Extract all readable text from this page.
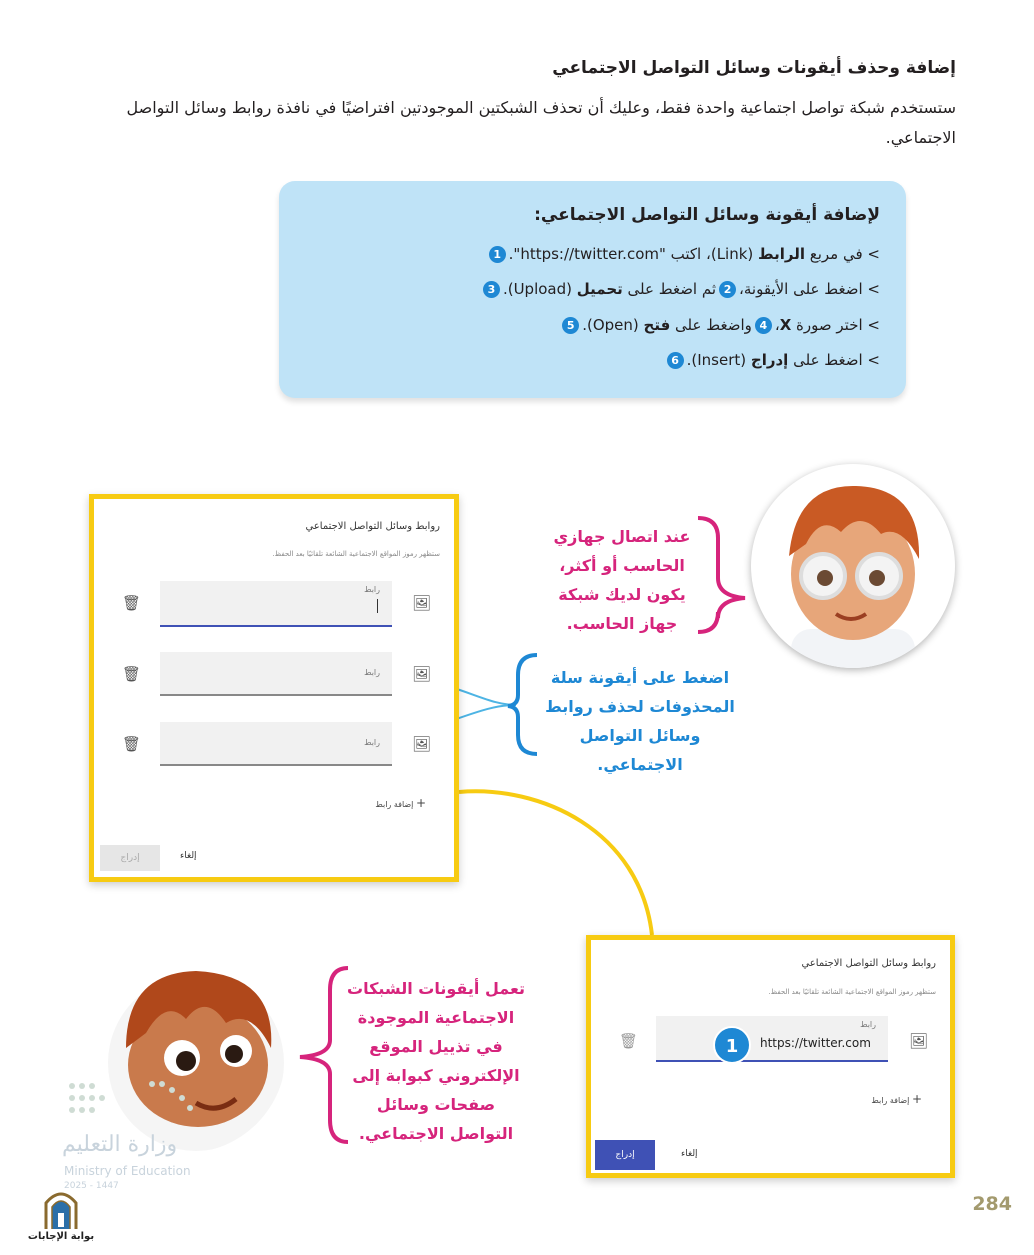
إضافة وحذف أيقونات وسائل التواصل الاجتماعي
ستستخدم شبكة تواصل اجتماعية واحدة فقط، وعليك أن تحذف الشبكتين الموجودتين افتراضيًا في نافذة روابط وسائل التواصل الاجتماعي.
لإضافة أيقونة وسائل التواصل الاجتماعي:
> في مربع الرابط (Link)، اكتب "https://twitter.com".1
> اضغط على الأيقونة،2ثم اضغط على تحميل (Upload).3
> اختر صورة X،4واضغط على فتح (Open).5
> اضغط على إدراج (Insert).6
روابط وسائل التواصل الاجتماعي
ستظهر رموز المواقع الاجتماعية الشائعة تلقائيًا بعد الحفظ.
🖼
رابط
🗑
🖼
رابط
🗑
🖼
رابط
🗑
+ إضافة رابط
إدراج	إلغاء
روابط وسائل التواصل الاجتماعي
ستظهر رموز المواقع الاجتماعية الشائعة تلقائيًا بعد الحفظ.
🖼
رابط
https://twitter.com
1
🗑
+ إضافة رابط
إدراج	إلغاء
عند اتصال جهازي الحاسب أو أكثر، يكون لديك شبكة جهاز الحاسب.
اضغط على أيقونة سلة المحذوفات لحذف روابط وسائل التواصل الاجتماعي.
تعمل أيقونات الشبكات الاجتماعية الموجودة في تذييل الموقع الإلكتروني كبوابة إلى صفحات وسائل التواصل الاجتماعي.
وزارة التعليم
Ministry of Education
2025 - 1447
بوابة الإجابات
284
